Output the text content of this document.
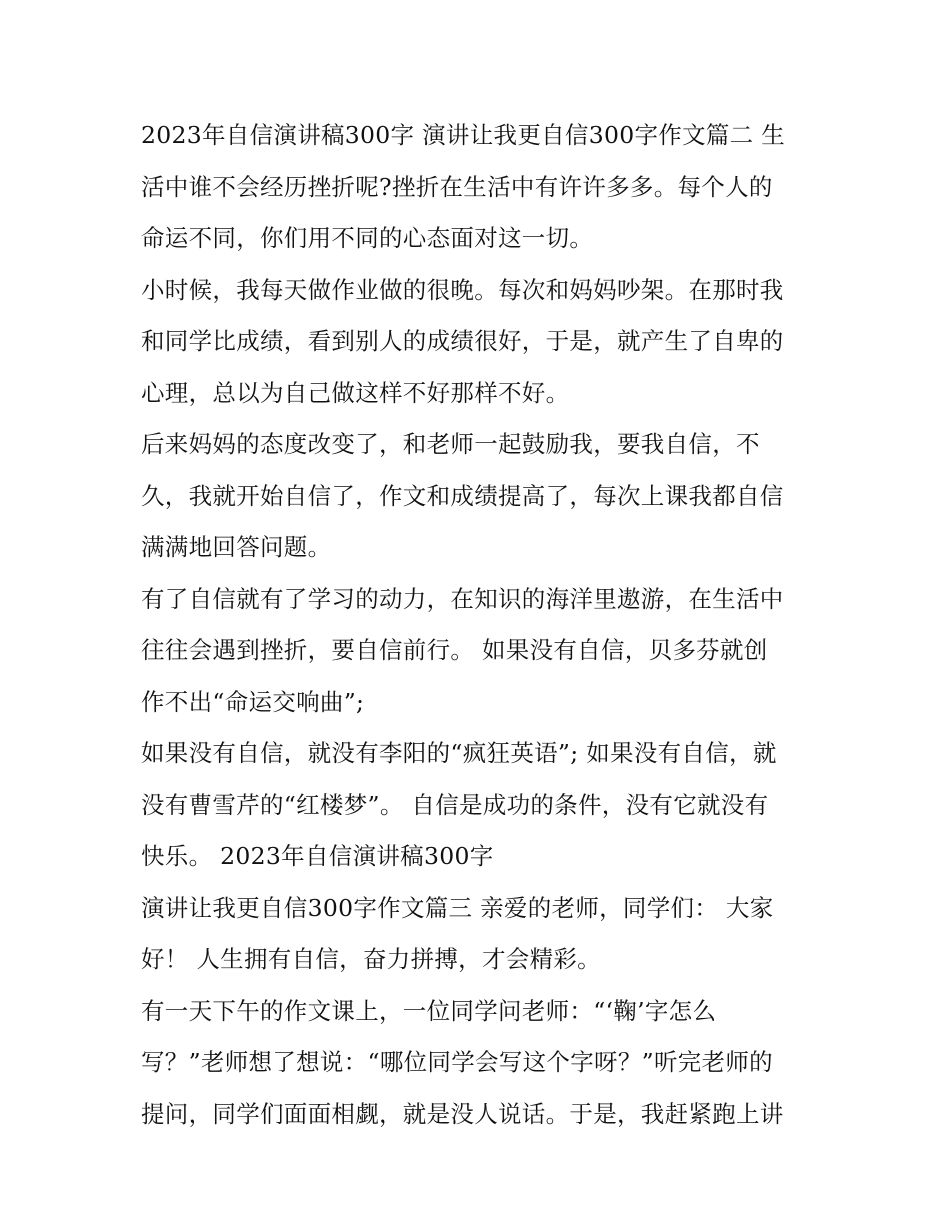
2023年自信演讲稿300字 演讲让我更自信300字作文篇二 生
活中谁不会经历挫折呢?挫折在生活中有许许多多。每个人的
命运不同，你们用不同的心态面对这一切。
小时候，我每天做作业做的很晚。每次和妈妈吵架。在那时我
和同学比成绩，看到别人的成绩很好，于是，就产生了自卑的
心理，总以为自己做这样不好那样不好。
后来妈妈的态度改变了，和老师一起鼓励我，要我自信，不
久，我就开始自信了，作文和成绩提高了，每次上课我都自信
满满地回答问题。
有了自信就有了学习的动力，在知识的海洋里遨游，在生活中
往往会遇到挫折，要自信前行。 如果没有自信，贝多芬就创
作不出“命运交响曲”;
如果没有自信，就没有李阳的“疯狂英语”; 如果没有自信，就
没有曹雪芹的“红楼梦”。 自信是成功的条件，没有它就没有
快乐。 2023年自信演讲稿300字
演讲让我更自信300字作文篇三 亲爱的老师，同学们： 大家
好！ 人生拥有自信，奋力拼搏，才会精彩。
有一天下午的作文课上，一位同学问老师：“‘鞠’字怎么
写？”老师想了想说：“哪位同学会写这个字呀？”听完老师的
提问，同学们面面相觑，就是没人说话。于是，我赶紧跑上讲
